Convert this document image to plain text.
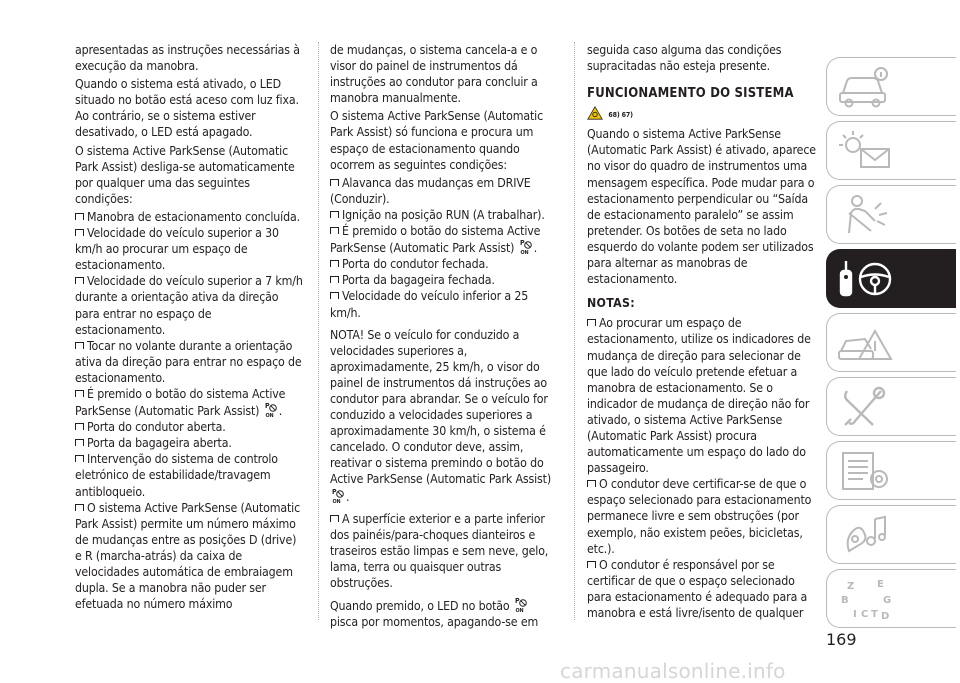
apresentadas as instruções necessárias à execução da manobra.

Quando o sistema está ativado, o LED situado no botão está aceso com luz fixa. Ao contrário, se o sistema estiver desativado, o LED está apagado.

O sistema Active ParkSense (Automatic Park Assist) desliga-se automaticamente por qualquer uma das seguintes condições:

Manobra de estacionamento concluída.

Velocidade do veículo superior a 30 km/h ao procurar um espaço de estacionamento.

Velocidade do veículo superior a 7 km/h durante a orientação ativa da direção para entrar no espaço de estacionamento.

Tocar no volante durante a orientação ativa da direção para entrar no espaço de estacionamento.

É premido o botão do sistema Active ParkSense (Automatic Park Assist) P
ON .

Porta do condutor aberta.

Porta da bagageira aberta.

Intervenção do sistema de controlo eletrónico de estabilidade/travagem antibloqueio.

O sistema Active ParkSense (Automatic Park Assist) permite um número máximo de mudanças entre as posições D (drive) e R (marcha-atrás) da caixa de velocidades automática de embraiagem dupla. Se a manobra não puder ser efetuada no número máximo

de mudanças, o sistema cancela-a e o visor do painel de instrumentos dá instruções ao condutor para concluir a manobra manualmente.

O sistema Active ParkSense (Automatic Park Assist) só funciona e procura um espaço de estacionamento quando ocorrem as seguintes condições:

Alavanca das mudanças em DRIVE (Conduzir).

Ignição na posição RUN (A trabalhar).

É premido o botão do sistema Active ParkSense (Automatic Park Assist) P
ON .

Porta do condutor fechada.

Porta da bagageira fechada.

Velocidade do veículo inferior a 25 km/h.

NOTA! Se o veículo for conduzido a velocidades superiores a, aproximadamente, 25 km/h, o visor do painel de instrumentos dá instruções ao condutor para abrandar. Se o veículo for conduzido a velocidades superiores a aproximadamente 30 km/h, o sistema é cancelado. O condutor deve, assim, reativar o sistema premindo o botão do Active ParkSense (Automatic Park Assist)
P
ON .

A superfície exterior e a parte inferior dos painéis/para-choques dianteiros e traseiros estão limpas e sem neve, gelo, lama, terra ou quaisquer outras obstruções.

Quando premido, o LED no botão P
ON
pisca por momentos, apagando-se em

seguida caso alguma das condições supracitadas não esteja presente.

FUNCIONAMENTO DO SISTEMA
68) 67)

Quando o sistema Active ParkSense (Automatic Park Assist) é ativado, aparece no visor do quadro de instrumentos uma mensagem específica. Pode mudar para o estacionamento perpendicular ou “Saída de estacionamento paralelo” se assim pretender. Os botões de seta no lado esquerdo do volante podem ser utilizados para alternar as manobras de estacionamento.

NOTAS:

Ao procurar um espaço de estacionamento, utilize os indicadores de mudança de direção para selecionar de que lado do veículo pretende efetuar a manobra de estacionamento. Se o indicador de mudança de direção não for ativado, o sistema Active ParkSense (Automatic Park Assist) procura automaticamente um espaço do lado do passageiro.

O condutor deve certificar-se de que o espaço selecionado para estacionamento permanece livre e sem obstruções (por exemplo, não existem peões, bicicletas, etc.).

O condutor é responsável por se certificar de que o espaço selecionado para estacionamento é adequado para a manobra e está livre/isento de qualquer

Z E
B	G
I C T D
169
carmanualsonline.info
